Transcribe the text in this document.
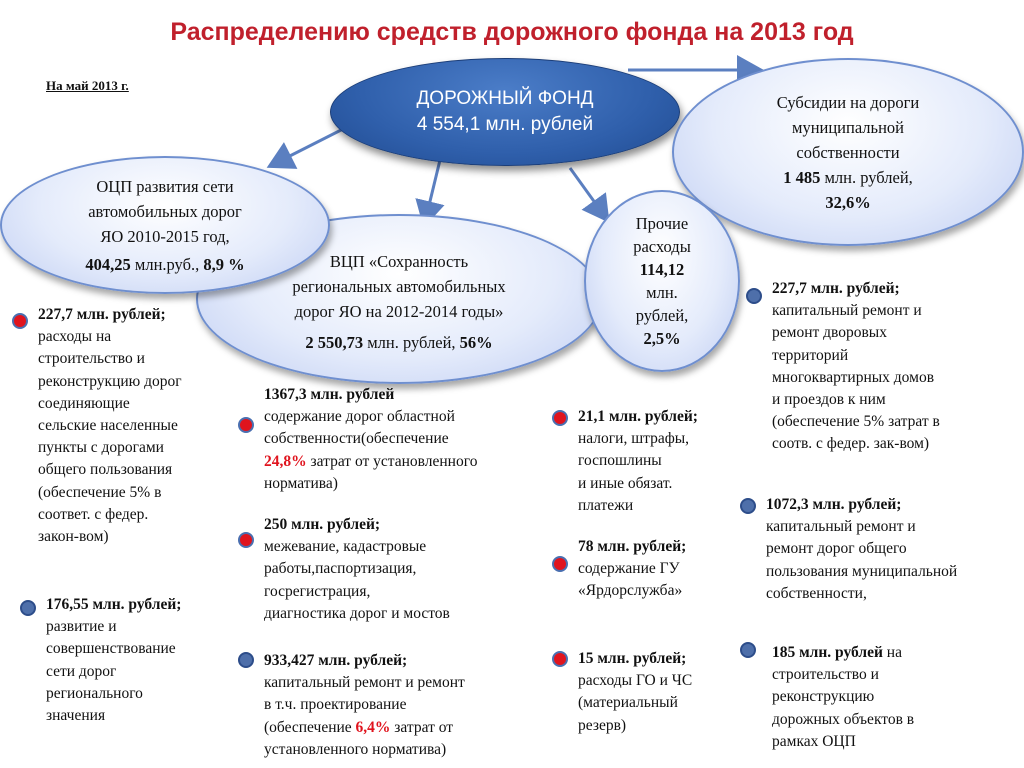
Распределению средств дорожного фонда на 2013 год
На май 2013 г.
ДОРОЖНЫЙ ФОНД
4 554,1 млн. рублей
Субсидии на дороги
муниципальной
собственности
1 485 млн. рублей,
32,6%
ВЦП «Сохранность
региональных автомобильных
дорог ЯО на 2012-2014 годы»
2 550,73 млн. рублей, 56%
ОЦП развития сети
автомобильных дорог
ЯО 2010-2015 год,
404,25 млн.руб., 8,9 %
Прочие
расходы
114,12
млн.
рублей,
2,5%
227,7 млн. рублей;
расходы на
строительство и
реконструкцию дорог
соединяющие
сельские населенные
пункты с дорогами
общего пользования
(обеспечение 5% в
соответ. с федер.
закон-вом)
176,55 млн. рублей;
развитие и
совершенствование
сети дорог
регионального
значения
1367,3 млн. рублей
содержание дорог областной
собственности(обеспечение
24,8% затрат от установленного
норматива)
250 млн. рублей;
межевание, кадастровые
работы,паспортизация,
госрегистрация,
диагностика дорог и мостов
933,427 млн. рублей;
капитальный ремонт и ремонт
в т.ч. проектирование
(обеспечение 6,4% затрат от
установленного норматива)
21,1 млн. рублей;
налоги, штрафы,
госпошлины
и иные обязат.
платежи
78 млн. рублей;
содержание ГУ
«Ярдорслужба»
15 млн. рублей;
расходы ГО и ЧС
(материальный
резерв)
227,7 млн. рублей;
капитальный ремонт и
ремонт дворовых
территорий
многоквартирных домов
и проездов к ним
(обеспечение 5% затрат в
соотв. с федер. зак-вом)
1072,3 млн. рублей;
капитальный ремонт и
ремонт дорог общего
пользования муниципальной
собственности,
185 млн. рублей на
строительство и
реконструкцию
дорожных объектов в
рамках ОЦП
